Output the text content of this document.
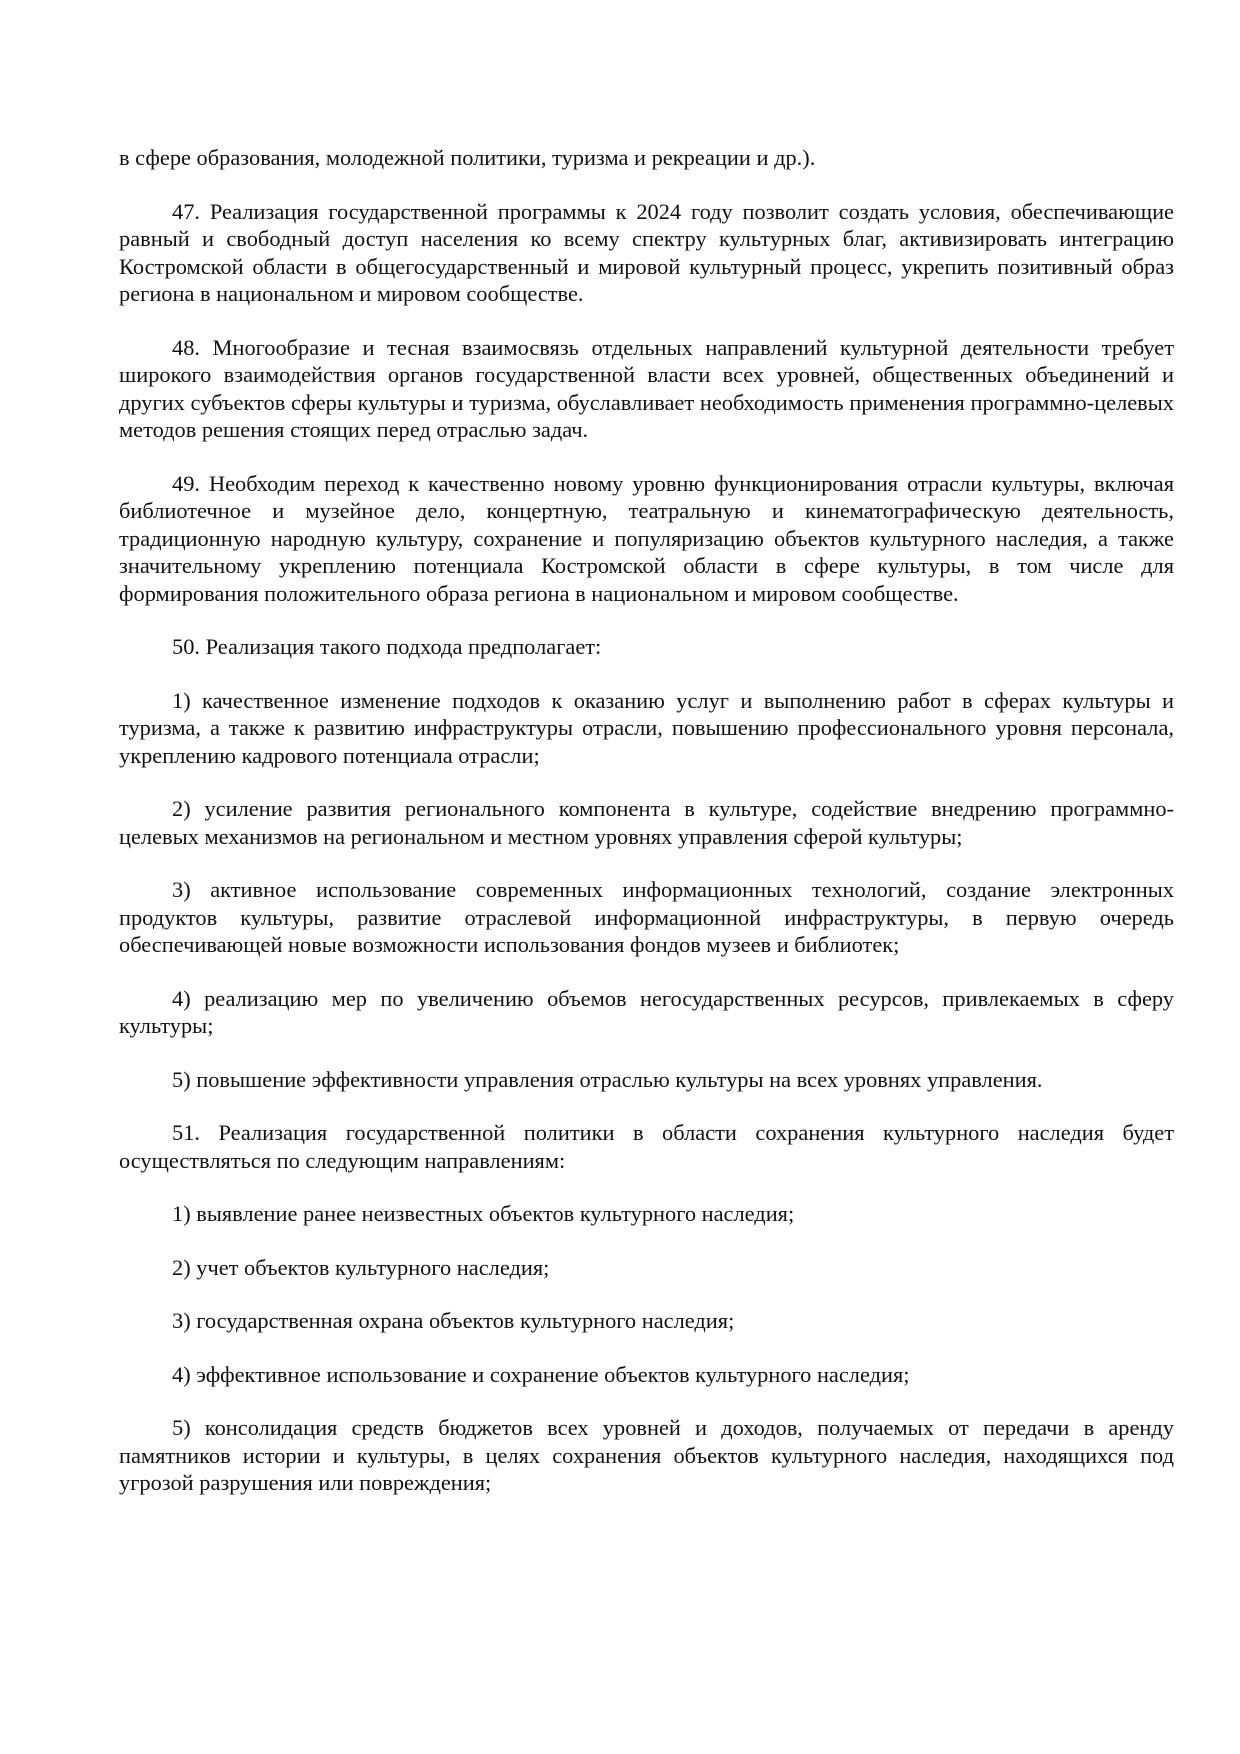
в сфере образования, молодежной политики, туризма и рекреации и др.).

47. Реализация государственной программы к 2024 году позволит создать условия, обеспечивающие равный и свободный доступ населения ко всему спектру культурных благ, активизировать интеграцию Костромской области в общегосударственный и мировой культурный процесс, укрепить позитивный образ региона в национальном и мировом сообществе.

48. Многообразие и тесная взаимосвязь отдельных направлений культурной деятельности требует широкого взаимодействия органов государственной власти всех уровней, общественных объединений и других субъектов сферы культуры и туризма, обуславливает необходимость применения программно-целевых методов решения стоящих перед отраслью задач.

49. Необходим переход к качественно новому уровню функционирования отрасли культуры, включая библиотечное и музейное дело, концертную, театральную и кинематографическую деятельность, традиционную народную культуру, сохранение и популяризацию объектов культурного наследия, а также значительному укреплению потенциала Костромской области в сфере культуры, в том числе для формирования положительного образа региона в национальном и мировом сообществе.

50. Реализация такого подхода предполагает:

1) качественное изменение подходов к оказанию услуг и выполнению работ в сферах культуры и туризма, а также к развитию инфраструктуры отрасли, повышению профессионального уровня персонала, укреплению кадрового потенциала отрасли;

2) усиление развития регионального компонента в культуре, содействие внедрению программно-целевых механизмов на региональном и местном уровнях управления сферой культуры;

3) активное использование современных информационных технологий, создание электронных продуктов культуры, развитие отраслевой информационной инфраструктуры, в первую очередь обеспечивающей новые возможности использования фондов музеев и библиотек;

4) реализацию мер по увеличению объемов негосударственных ресурсов, привлекаемых в сферу культуры;

5) повышение эффективности управления отраслью культуры на всех уровнях управления.

51. Реализация государственной политики в области сохранения культурного наследия будет осуществляться по следующим направлениям:

1) выявление ранее неизвестных объектов культурного наследия;

2) учет объектов культурного наследия;

3) государственная охрана объектов культурного наследия;

4) эффективное использование и сохранение объектов культурного наследия;

5) консолидация средств бюджетов всех уровней и доходов, получаемых от передачи в аренду памятников истории и культуры, в целях сохранения объектов культурного наследия, находящихся под угрозой разрушения или повреждения;
